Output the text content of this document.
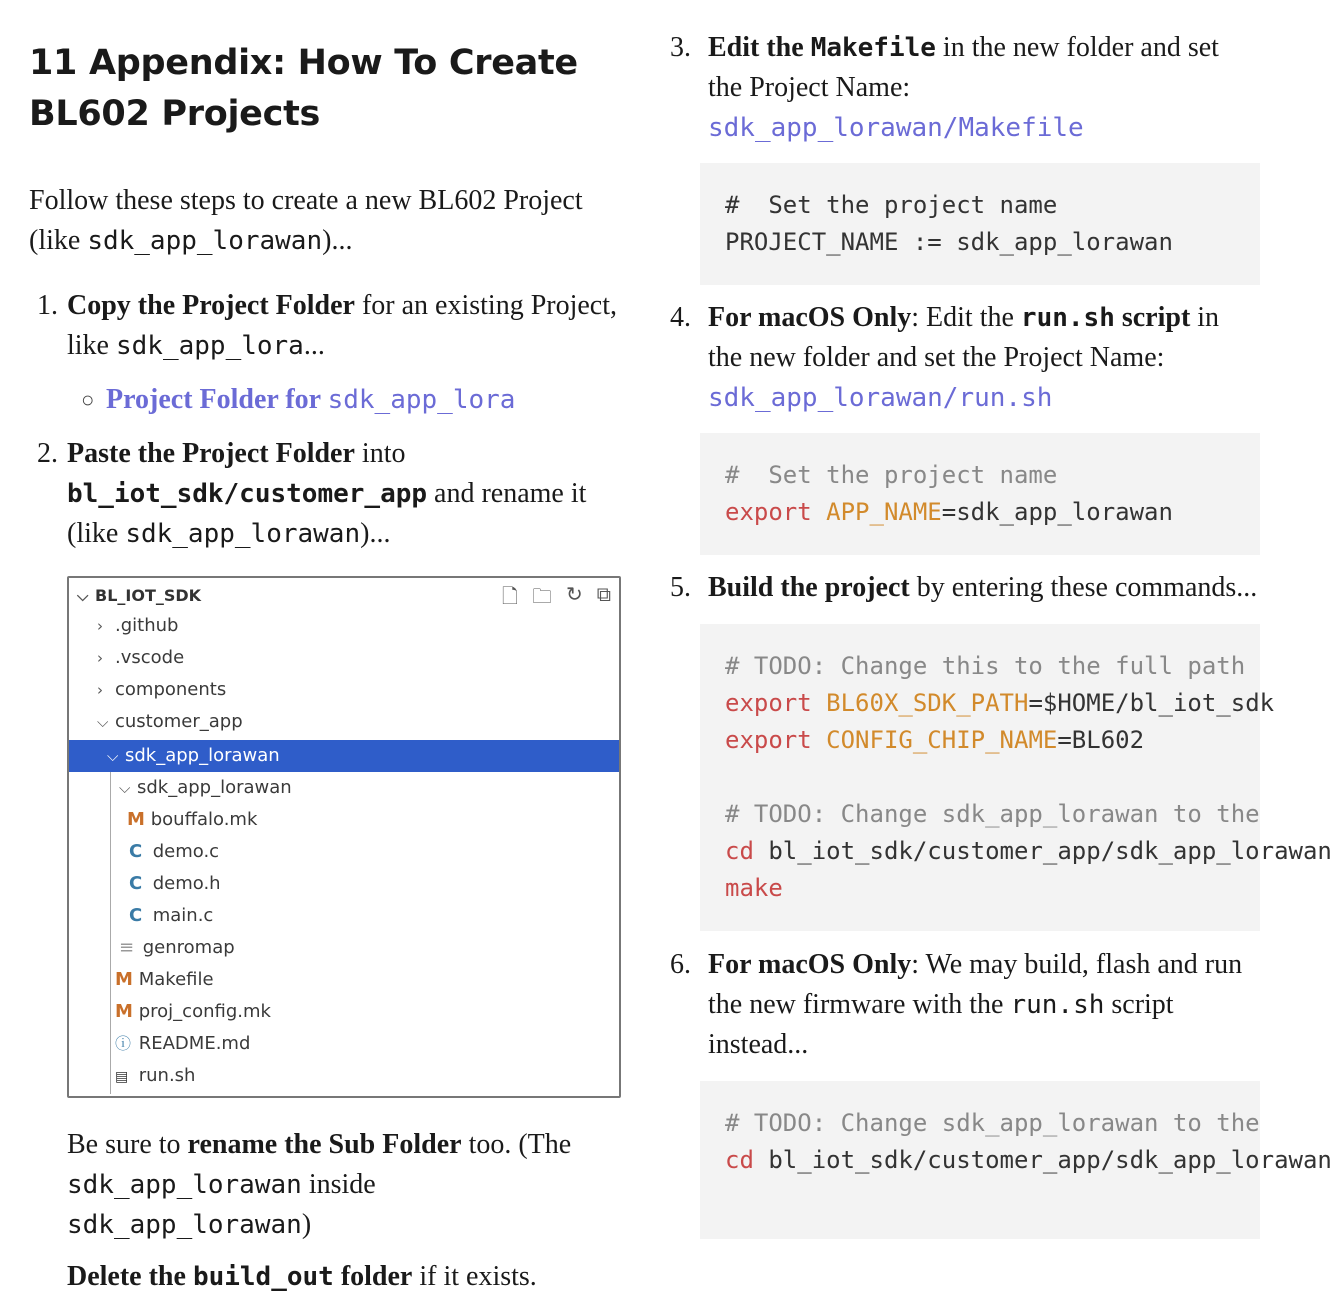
11 Appendix: How To Create BL602 Projects

Follow these steps to create a new BL602 Project (like sdk_app_lorawan)...

1. Copy the Project Folder for an existing Project, like sdk_app_lora...
○ Project Folder for sdk_app_lora
2. Paste the Project Folder into
bl_iot_sdk/customer_app and rename it (like sdk_app_lorawan)...
⌵ BL_IOT_SDK	🗋 🗀 ↻ ⧉
› .github
› .vscode
› components
⌵ customer_app
⌵ sdk_app_lorawan
⌵ sdk_app_lorawan
M bouffalo.mk
C demo.c
C demo.h
C main.c
≡ genromap
M Makefile
M proj_config.mk
ⓘ README.md
▤ run.sh

Be sure to rename the Sub Folder too. (The
sdk_app_lorawan inside
sdk_app_lorawan)

Delete the build_out folder if it exists.

3. Edit the Makefile in the new folder and set the Project Name:
sdk_app_lorawan/Makefile
#  Set the project name
PROJECT_NAME := sdk_app_lorawan
4. For macOS Only: Edit the run.sh script in the new folder and set the Project Name:
sdk_app_lorawan/run.sh
#  Set the project name
export APP_NAME=sdk_app_lorawan
5. Build the project by entering these commands...
# TODO: Change this to the full path
export BL60X_SDK_PATH=$HOME/bl_iot_sdk
export CONFIG_CHIP_NAME=BL602

# TODO: Change sdk_app_lorawan to the
cd bl_iot_sdk/customer_app/sdk_app_lorawan
make
6. For macOS Only: We may build, flash and run the new firmware with the run.sh script instead...
# TODO: Change sdk_app_lorawan to the
cd bl_iot_sdk/customer_app/sdk_app_lorawan
